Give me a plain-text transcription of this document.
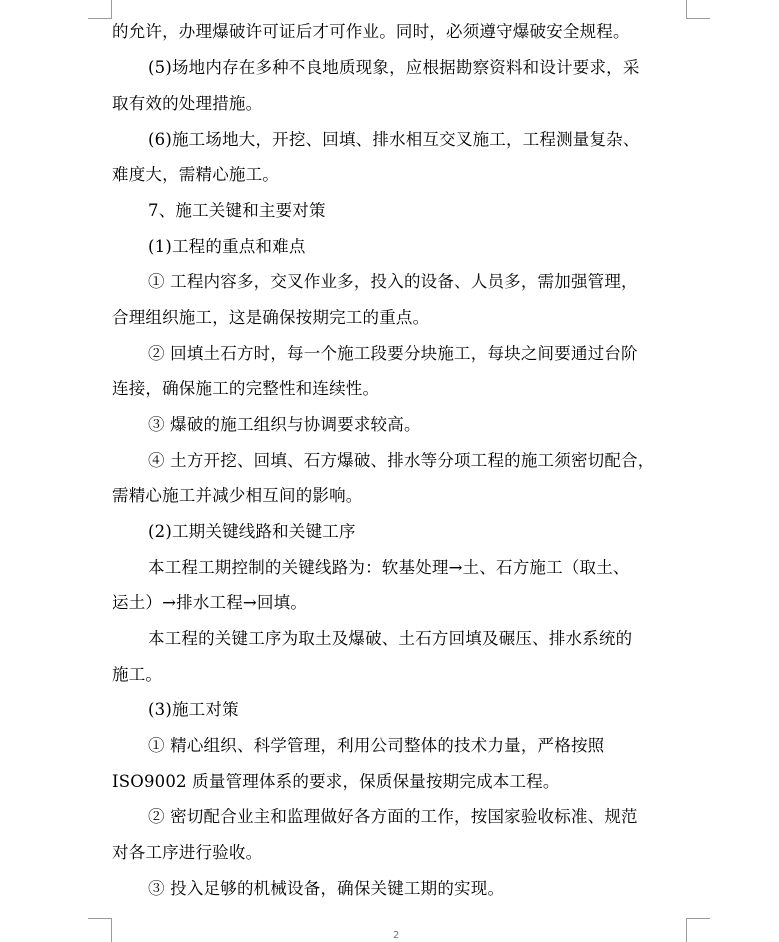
的允许，办理爆破许可证后才可作业。同时，必须遵守爆破安全规程。
(5)场地内存在多种不良地质现象，应根据勘察资料和设计要求，采
取有效的处理措施。
(6)施工场地大，开挖、回填、排水相互交叉施工，工程测量复杂、
难度大，需精心施工。
7、施工关键和主要对策
(1)工程的重点和难点
① 工程内容多，交叉作业多，投入的设备、人员多，需加强管理，
合理组织施工，这是确保按期完工的重点。
② 回填土石方时，每一个施工段要分块施工，每块之间要通过台阶
连接，确保施工的完整性和连续性。
③ 爆破的施工组织与协调要求较高。
④ 土方开挖、回填、石方爆破、排水等分项工程的施工须密切配合，
需精心施工并减少相互间的影响。
(2)工期关键线路和关键工序
本工程工期控制的关键线路为：软基处理→土、石方施工（取土、
运土）→排水工程→回填。
本工程的关键工序为取土及爆破、土石方回填及碾压、排水系统的
施工。
(3)施工对策
① 精心组织、科学管理，利用公司整体的技术力量，严格按照
ISO9002 质量管理体系的要求，保质保量按期完成本工程。
② 密切配合业主和监理做好各方面的工作，按国家验收标准、规范
对各工序进行验收。
③ 投入足够的机械设备，确保关键工期的实现。
2
